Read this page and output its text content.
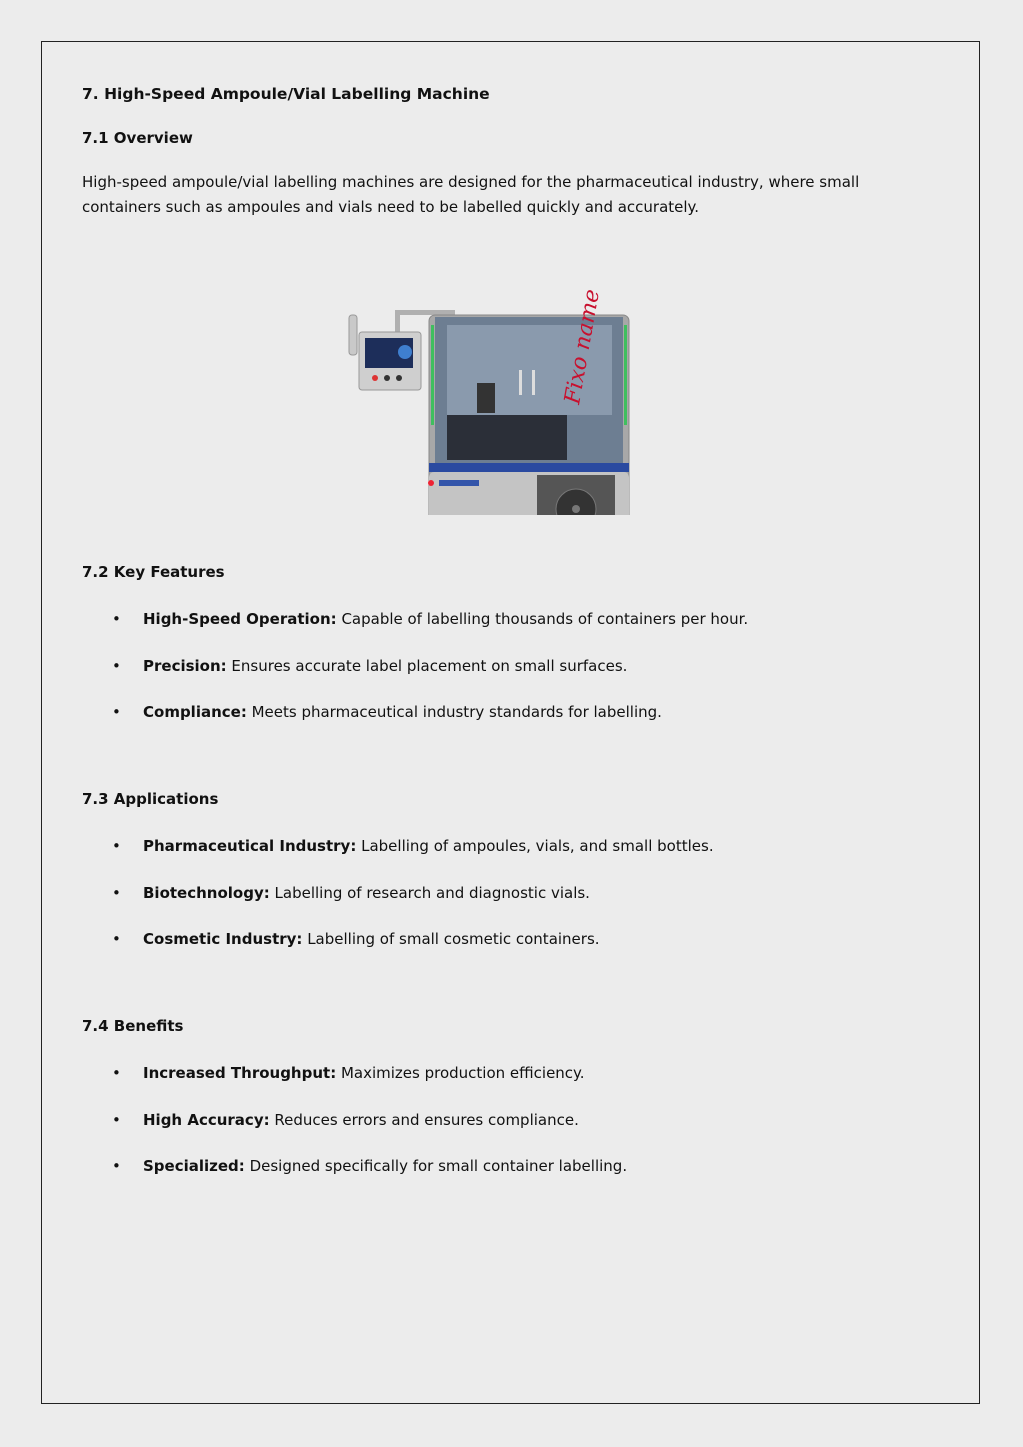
7. High-Speed Ampoule/Vial Labelling Machine
7.1 Overview

High-speed ampoule/vial labelling machines are designed for the pharmaceutical industry, where small containers such as ampoules and vials need to be labelled quickly and accurately.

Fixo name
7.2 Key Features
• High-Speed Operation: Capable of labelling thousands of containers per hour.
• Precision: Ensures accurate label placement on small surfaces.
• Compliance: Meets pharmaceutical industry standards for labelling.
7.3 Applications
• Pharmaceutical Industry: Labelling of ampoules, vials, and small bottles.
• Biotechnology: Labelling of research and diagnostic vials.
• Cosmetic Industry: Labelling of small cosmetic containers.
7.4 Benefits
• Increased Throughput: Maximizes production efficiency.
• High Accuracy: Reduces errors and ensures compliance.
• Specialized: Designed specifically for small container labelling.
